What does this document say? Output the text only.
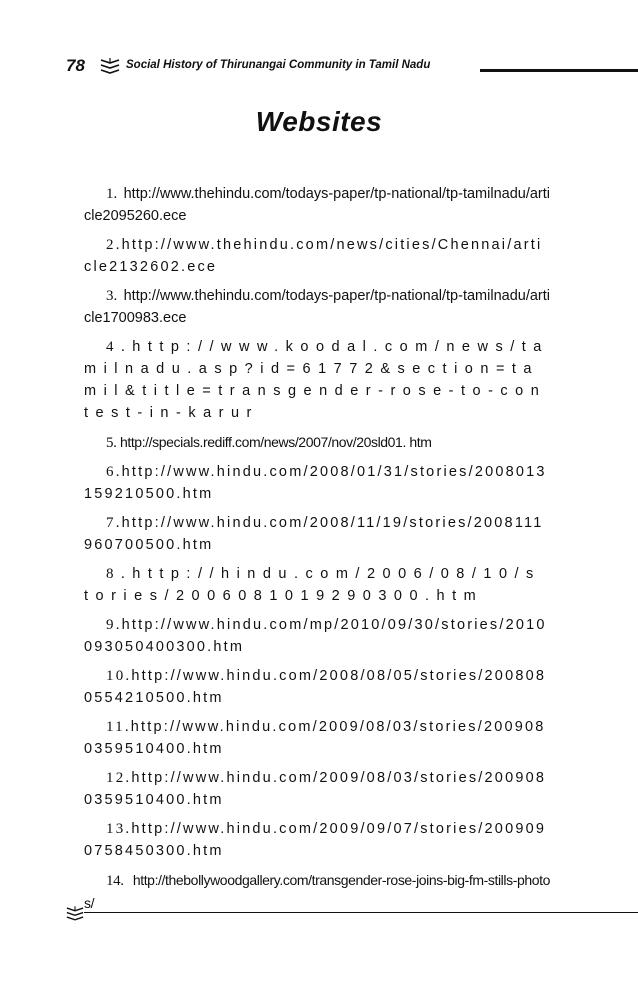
78	Social History of Thirunangai Community in Tamil Nadu
Websites
1. http://www.thehindu.com/todays-paper/tp-national/tp-tamilnadu/article2095260.ece
2.http://www.thehindu.com/news/cities/Chennai/article2132602.ece
3. http://www.thehindu.com/todays-paper/tp-national/tp-tamilnadu/article1700983.ece
4.http://www.koodal.com/news/tamilnadu.asp?id=61772&section=tamil&title=transgender-rose-to-contest-in-karur
5. http://specials.rediff.com/news/2007/nov/20sld01. htm
6.http://www.hindu.com/2008/01/31/stories/2008013159210500.htm
7.http://www.hindu.com/2008/11/19/stories/2008111960700500.htm
8.http://hindu.com/2006/08/10/stories/2006081019290300.htm
9.http://www.hindu.com/mp/2010/09/30/stories/2010093050400300.htm
10.http://www.hindu.com/2008/08/05/stories/2008080554210500.htm
11.http://www.hindu.com/2009/08/03/stories/2009080359510400.htm
12.http://www.hindu.com/2009/08/03/stories/2009080359510400.htm
13.http://www.hindu.com/2009/09/07/stories/2009090758450300.htm
14. http://thebollywoodgallery.com/transgender-rose-joins-big-fm-stills-photos/
